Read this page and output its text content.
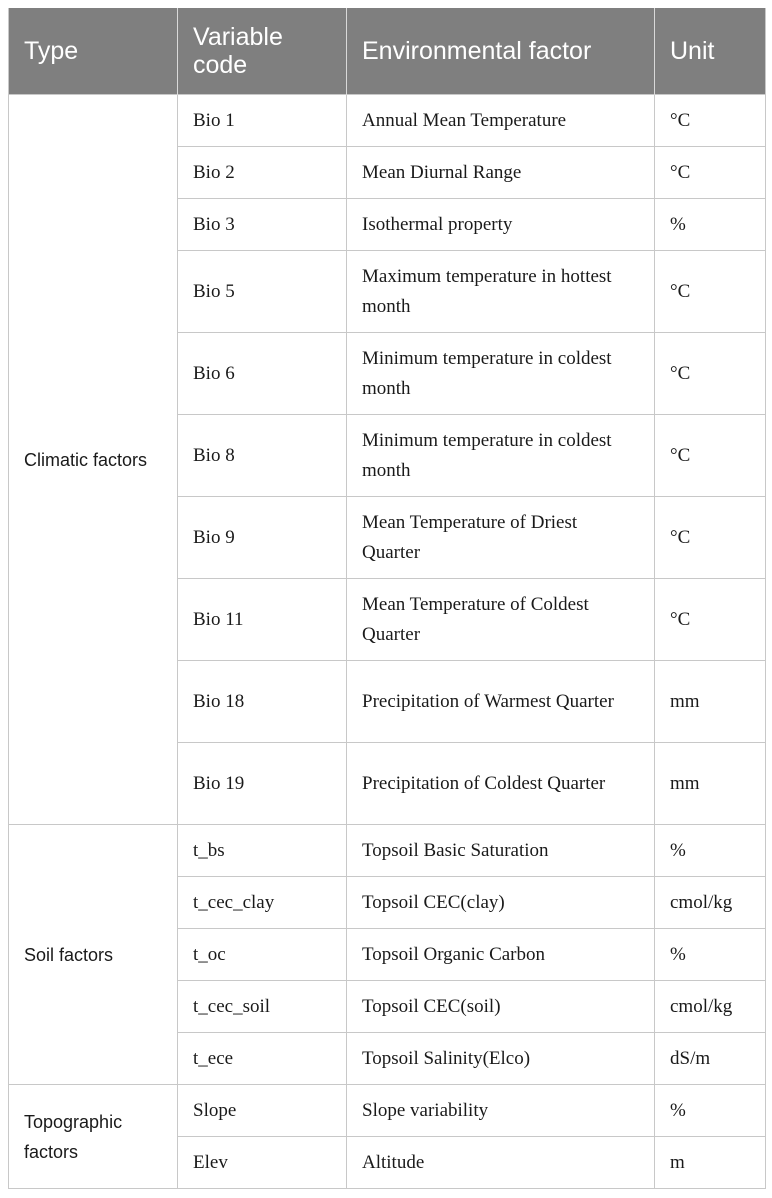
Type	Variable code	Environmental factor	Unit
Climatic factors	Bio 1	Annual Mean Temperature	°C
	Bio 2	Mean Diurnal Range	°C
	Bio 3	Isothermal property	%
	Bio 5	Maximum temperature in hottest month	°C
	Bio 6	Minimum temperature in coldest month	°C
	Bio 8	Minimum temperature in coldest month	°C
	Bio 9	Mean Temperature of Driest Quarter	°C
	Bio 11	Mean Temperature of Coldest Quarter	°C
	Bio 18	Precipitation of Warmest Quarter	mm
	Bio 19	Precipitation of Coldest Quarter	mm
Soil factors	t_bs	Topsoil Basic Saturation	%
	t_cec_clay	Topsoil CEC(clay)	cmol/kg
	t_oc	Topsoil Organic Carbon	%
	t_cec_soil	Topsoil CEC(soil)	cmol/kg
	t_ece	Topsoil Salinity(Elco)	dS/m
Topographic factors	Slope	Slope variability	%
	Elev	Altitude	m
